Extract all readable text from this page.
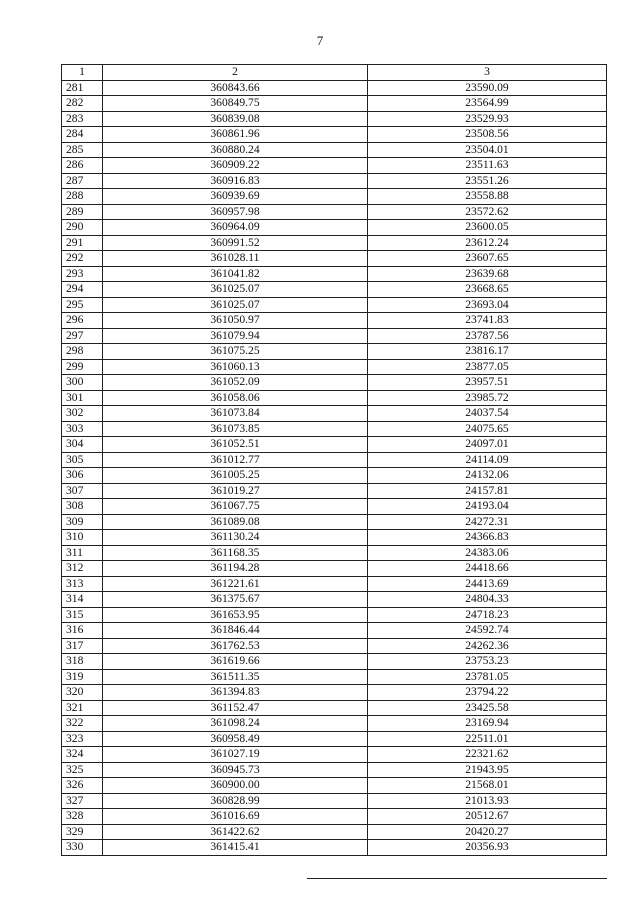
7
1	2	3
281	360843.66	23590.09
282	360849.75	23564.99
283	360839.08	23529.93
284	360861.96	23508.56
285	360880.24	23504.01
286	360909.22	23511.63
287	360916.83	23551.26
288	360939.69	23558.88
289	360957.98	23572.62
290	360964.09	23600.05
291	360991.52	23612.24
292	361028.11	23607.65
293	361041.82	23639.68
294	361025.07	23668.65
295	361025.07	23693.04
296	361050.97	23741.83
297	361079.94	23787.56
298	361075.25	23816.17
299	361060.13	23877.05
300	361052.09	23957.51
301	361058.06	23985.72
302	361073.84	24037.54
303	361073.85	24075.65
304	361052.51	24097.01
305	361012.77	24114.09
306	361005.25	24132.06
307	361019.27	24157.81
308	361067.75	24193.04
309	361089.08	24272.31
310	361130.24	24366.83
311	361168.35	24383.06
312	361194.28	24418.66
313	361221.61	24413.69
314	361375.67	24804.33
315	361653.95	24718.23
316	361846.44	24592.74
317	361762.53	24262.36
318	361619.66	23753.23
319	361511.35	23781.05
320	361394.83	23794.22
321	361152.47	23425.58
322	361098.24	23169.94
323	360958.49	22511.01
324	361027.19	22321.62
325	360945.73	21943.95
326	360900.00	21568.01
327	360828.99	21013.93
328	361016.69	20512.67
329	361422.62	20420.27
330	361415.41	20356.93
